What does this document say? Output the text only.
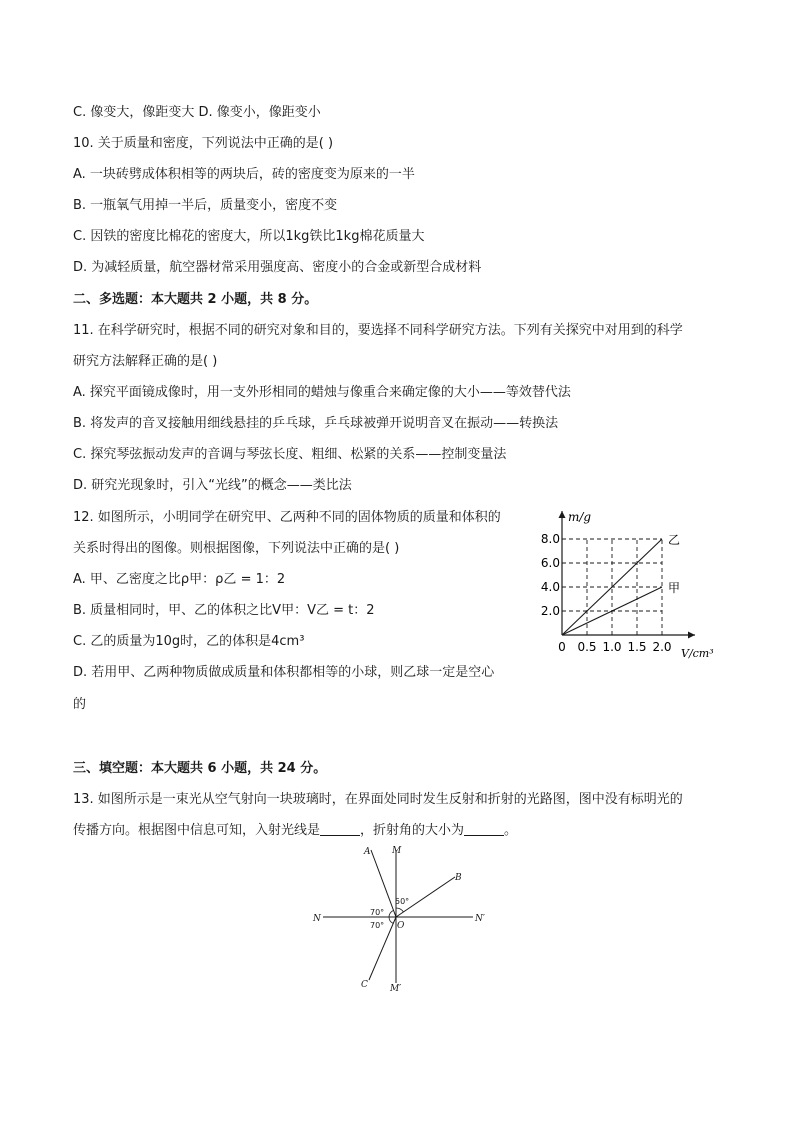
C. 像变大，像距变大 D. 像变小，像距变小
10. 关于质量和密度，下列说法中正确的是( )
A. 一块砖劈成体积相等的两块后，砖的密度变为原来的一半
B. 一瓶氧气用掉一半后，质量变小，密度不变
C. 因铁的密度比棉花的密度大，所以1kg铁比1kg棉花质量大
D. 为减轻质量，航空器材常采用强度高、密度小的合金或新型合成材料
二、多选题：本大题共 2 小题，共 8 分。
11. 在科学研究时，根据不同的研究对象和目的，要选择不同科学研究方法。下列有关探究中对用到的科学
研究方法解释正确的是( )
A. 探究平面镜成像时，用一支外形相同的蜡烛与像重合来确定像的大小——等效替代法
B. 将发声的音叉接触用细线悬挂的乒乓球，乒乓球被弹开说明音叉在振动——转换法
C. 探究琴弦振动发声的音调与琴弦长度、粗细、松紧的关系——控制变量法
D. 研究光现象时，引入“光线”的概念——类比法
12. 如图所示，小明同学在研究甲、乙两种不同的固体物质的质量和体积的
关系时得出的图像。则根据图像，下列说法中正确的是( )
A. 甲、乙密度之比ρ甲：ρ乙 = 1：2
B. 质量相同时，甲、乙的体积之比V甲：V乙 = t：2
C. 乙的质量为10g时，乙的体积是4cm³
D. 若用甲、乙两种物质做成质量和体积都相等的小球，则乙球一定是空心
的
乙
甲
0 0.5 1.0 1.5 2.0
2.0
4.0
6.0
8.0
m/g
V/cm³
三、填空题：本大题共 6 小题，共 24 分。
13. 如图所示是一束光从空气射向一块玻璃时，在界面处同时发生反射和折射的光路图，图中没有标明光的
传播方向。根据图中信息可知，入射光线是	，折射角的大小为	。
A M
B
N	N′
O
C M′
70°
70°
50°
